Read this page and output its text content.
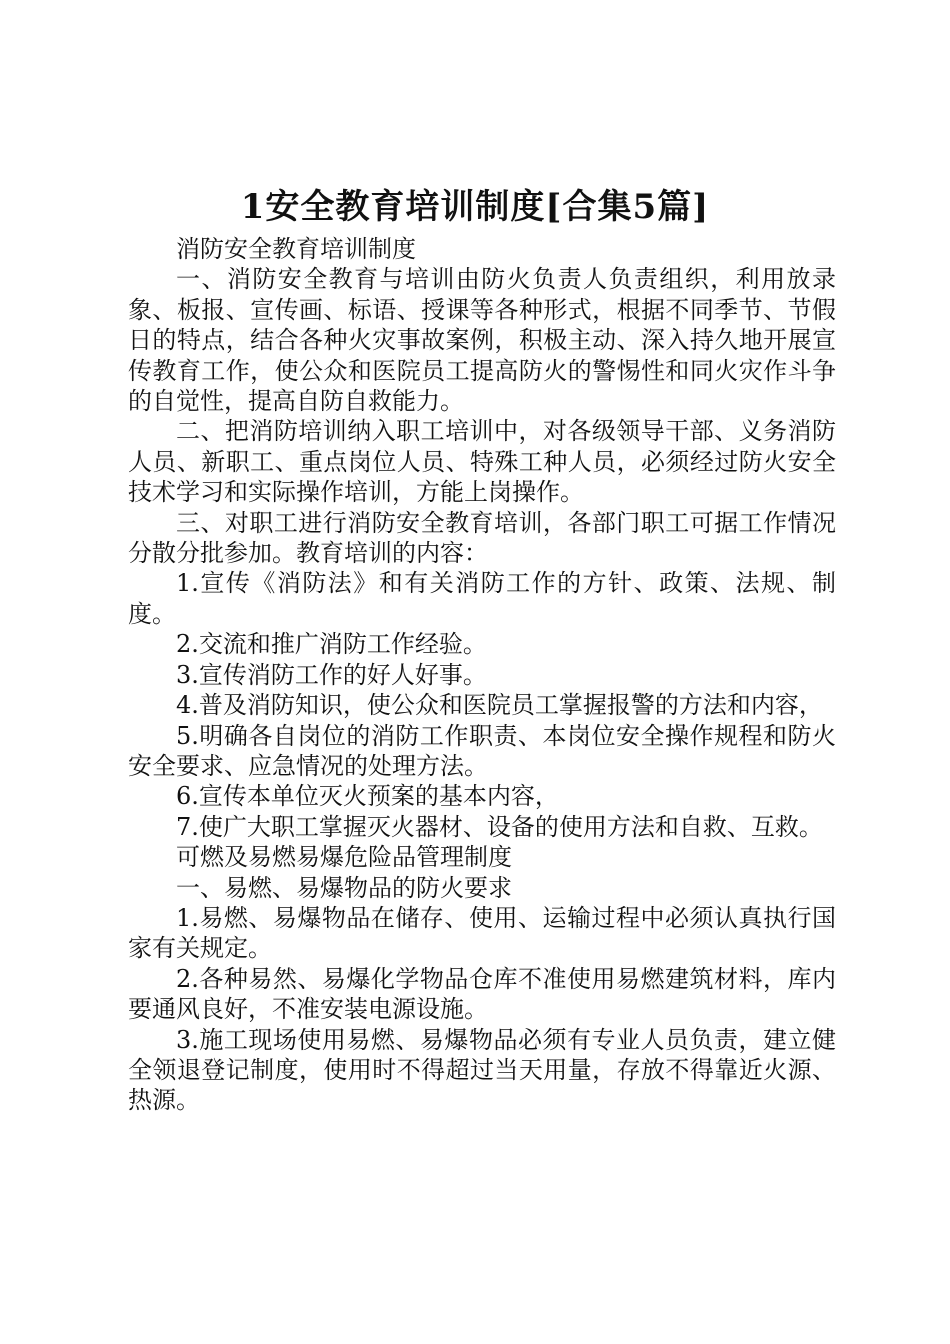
1安全教育培训制度[合集5篇]

消防安全教育培训制度

一、消防安全教育与培训由防火负责人负责组织，利用放录象、板报、宣传画、标语、授课等各种形式，根据不同季节、节假日的特点，结合各种火灾事故案例，积极主动、深入持久地开展宣传教育工作，使公众和医院员工提高防火的警惕性和同火灾作斗争的自觉性，提高自防自救能力。

二、把消防培训纳入职工培训中，对各级领导干部、义务消防人员、新职工、重点岗位人员、特殊工种人员，必须经过防火安全技术学习和实际操作培训，方能上岗操作。

三、对职工进行消防安全教育培训，各部门职工可据工作情况分散分批参加。教育培训的内容：

1.宣传《消防法》和有关消防工作的方针、政策、法规、制度。

2.交流和推广消防工作经验。

3.宣传消防工作的好人好事。

4.普及消防知识，使公众和医院员工掌握报警的方法和内容，

5.明确各自岗位的消防工作职责、本岗位安全操作规程和防火安全要求、应急情况的处理方法。

6.宣传本单位灭火预案的基本内容，

7.使广大职工掌握灭火器材、设备的使用方法和自救、互救。

可燃及易燃易爆危险品管理制度

一、易燃、易爆物品的防火要求

1.易燃、易爆物品在储存、使用、运输过程中必须认真执行国家有关规定。

2.各种易然、易爆化学物品仓库不准使用易燃建筑材料，库内要通风良好，不准安装电源设施。

3.施工现场使用易燃、易爆物品必须有专业人员负责，建立健全领退登记制度，使用时不得超过当天用量，存放不得靠近火源、热源。
